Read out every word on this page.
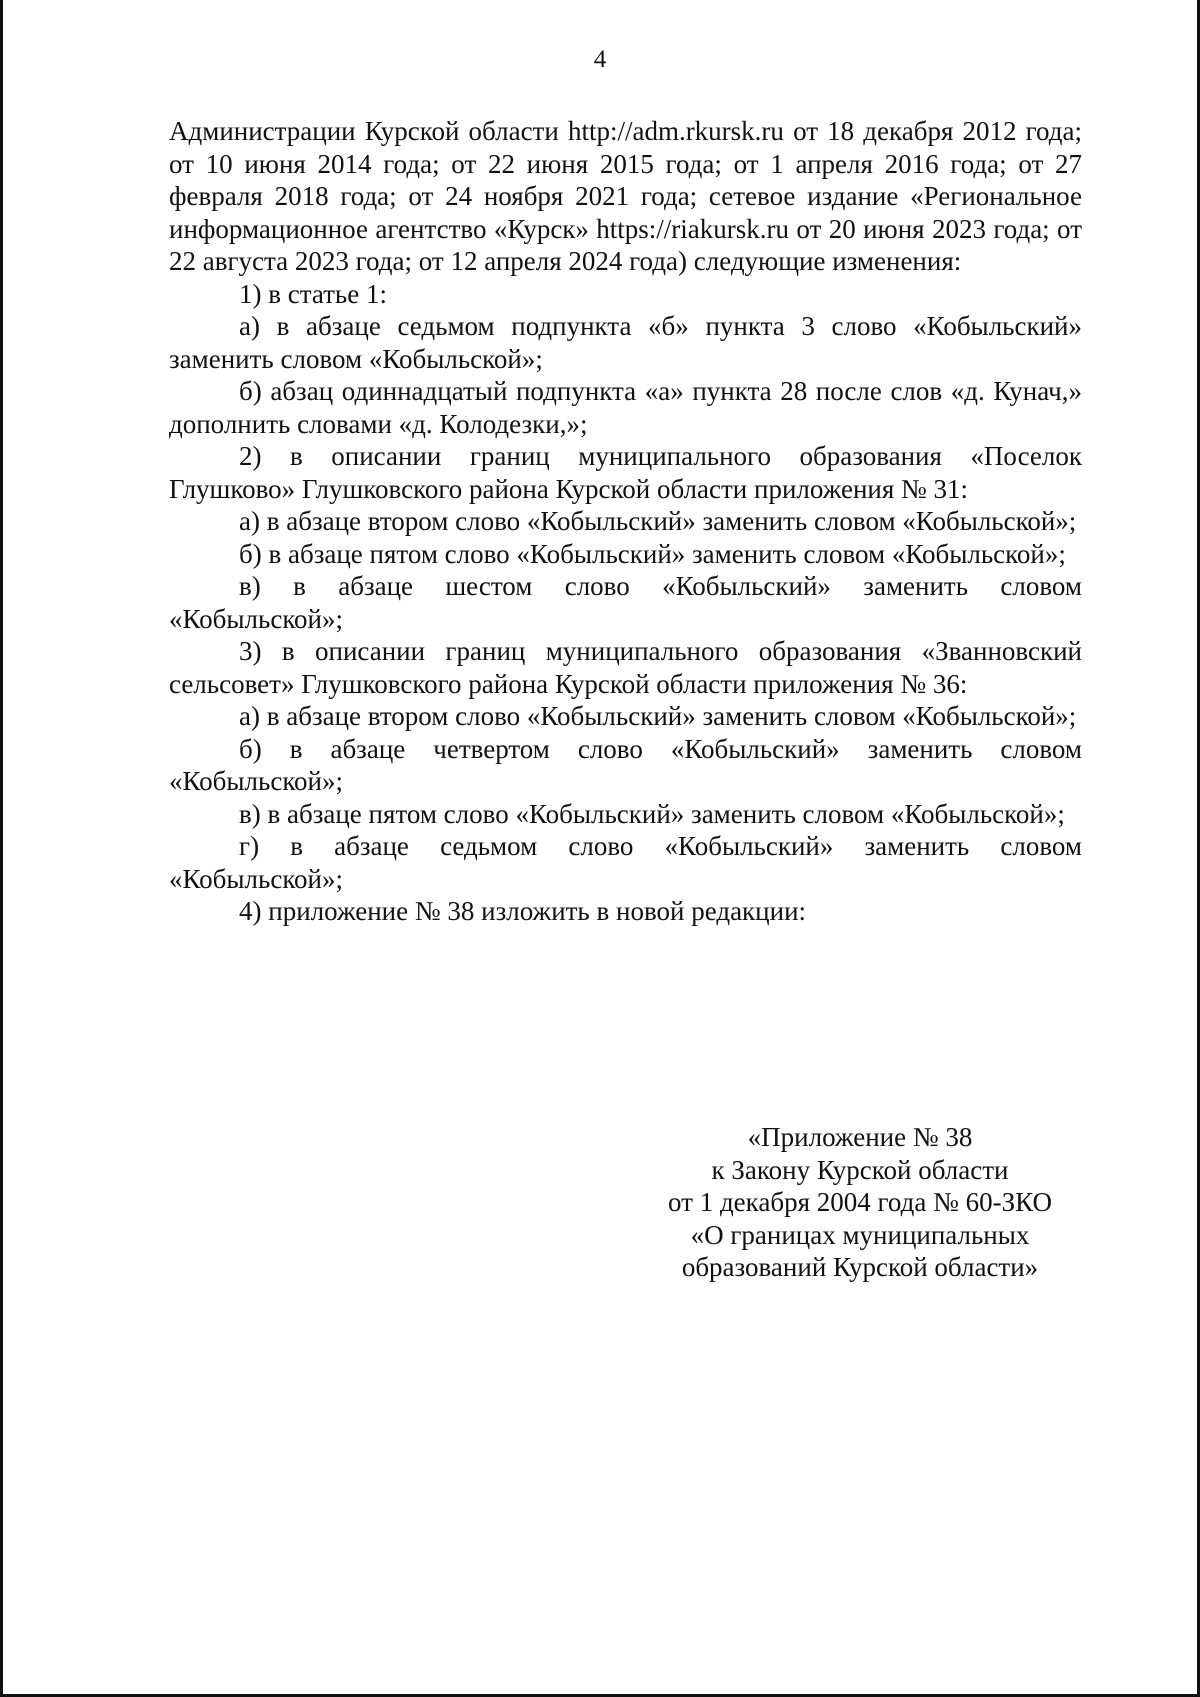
4

Администрации Курской области http://adm.rkursk.ru от 18 декабря 2012 года; от 10 июня 2014 года; от 22 июня 2015 года; от 1 апреля 2016 года; от 27 февраля 2018 года; от 24 ноября 2021 года; сетевое издание «Региональное информационное агентство «Курск» https://riakursk.ru от 20 июня 2023 года; от 22 августа 2023 года; от 12 апреля 2024 года) следующие изменения:

1) в статье 1:

а) в абзаце седьмом подпункта «б» пункта 3 слово «Кобыльский» заменить словом «Кобыльской»;

б) абзац одиннадцатый подпункта «а» пункта 28 после слов «д. Кунач,» дополнить словами «д. Колодезки,»;

2) в описании границ муниципального образования «Поселок Глушково» Глушковского района Курской области приложения № 31:

а) в абзаце втором слово «Кобыльский» заменить словом «Кобыльской»;

б) в абзаце пятом слово «Кобыльский» заменить словом «Кобыльской»;

в) в абзаце шестом слово «Кобыльский» заменить словом «Кобыльской»;

3) в описании границ муниципального образования «Званновский сельсовет» Глушковского района Курской области приложения № 36:

а) в абзаце втором слово «Кобыльский» заменить словом «Кобыльской»;

б) в абзаце четвертом слово «Кобыльский» заменить словом «Кобыльской»;

в) в абзаце пятом слово «Кобыльский» заменить словом «Кобыльской»;

г) в абзаце седьмом слово «Кобыльский» заменить словом «Кобыльской»;

4) приложение № 38 изложить в новой редакции:

«Приложение № 38
к Закону Курской области
от 1 декабря 2004 года № 60-ЗКО
«О границах муниципальных
образований Курской области»
